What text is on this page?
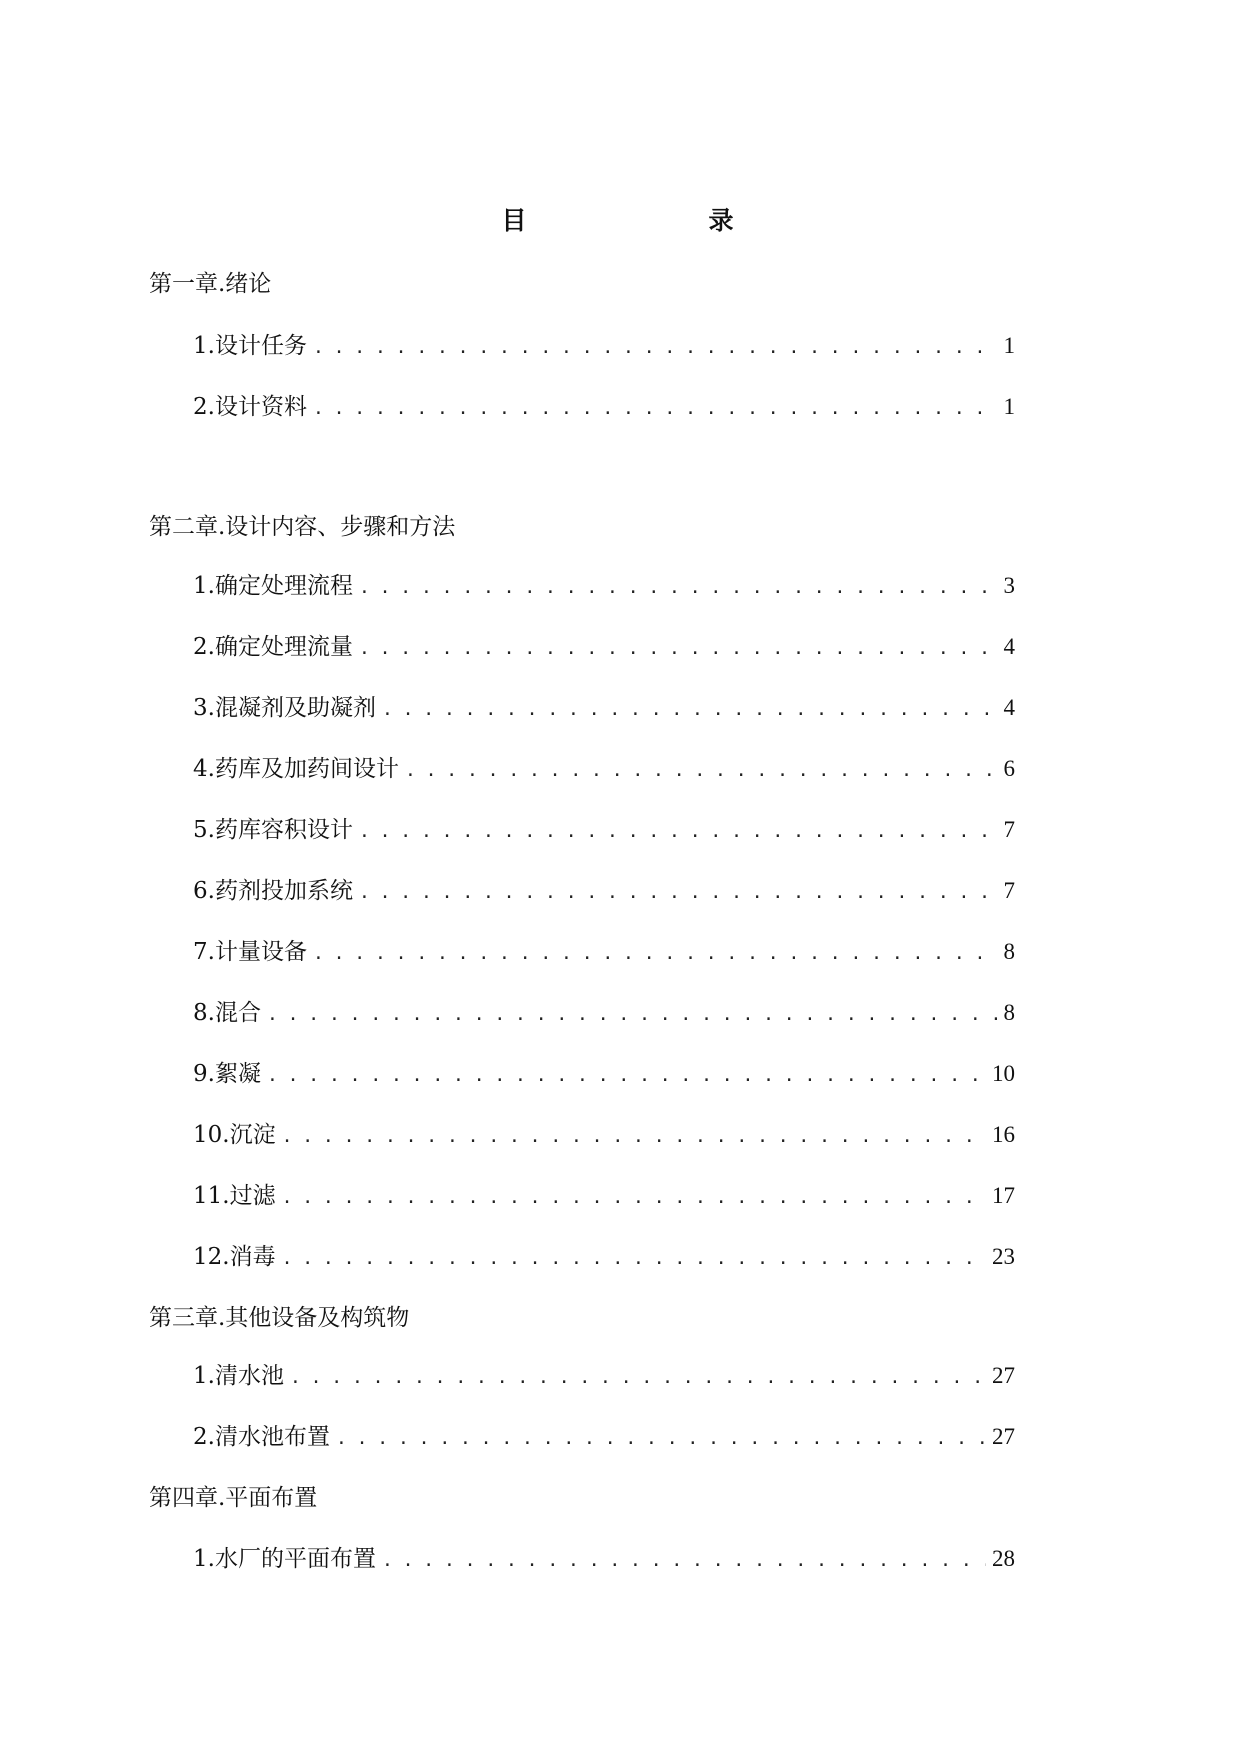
目　　录
第一章.绪论
1.设计任务 . . .	1
2.设计资料 . . .	1
第二章.设计内容、步骤和方法
1.确定处理流程 . . .	3
2.确定处理流量 . . .	4
3.混凝剂及助凝剂 . . .	4
4.药库及加药间设计 . . .	6
5.药库容积设计 . . .	7
6.药剂投加系统 . . .	7
7.计量设备 . . .	8
8.混合 . . .	8
9.絮凝 . . .	10
10.沉淀 . . .	16
11.过滤 . . .	17
12.消毒 . . .	23
第三章.其他设备及构筑物
1.清水池 . . .	27
2.清水池布置 . . .	27
第四章.平面布置
1.水厂的平面布置 . . .	28
